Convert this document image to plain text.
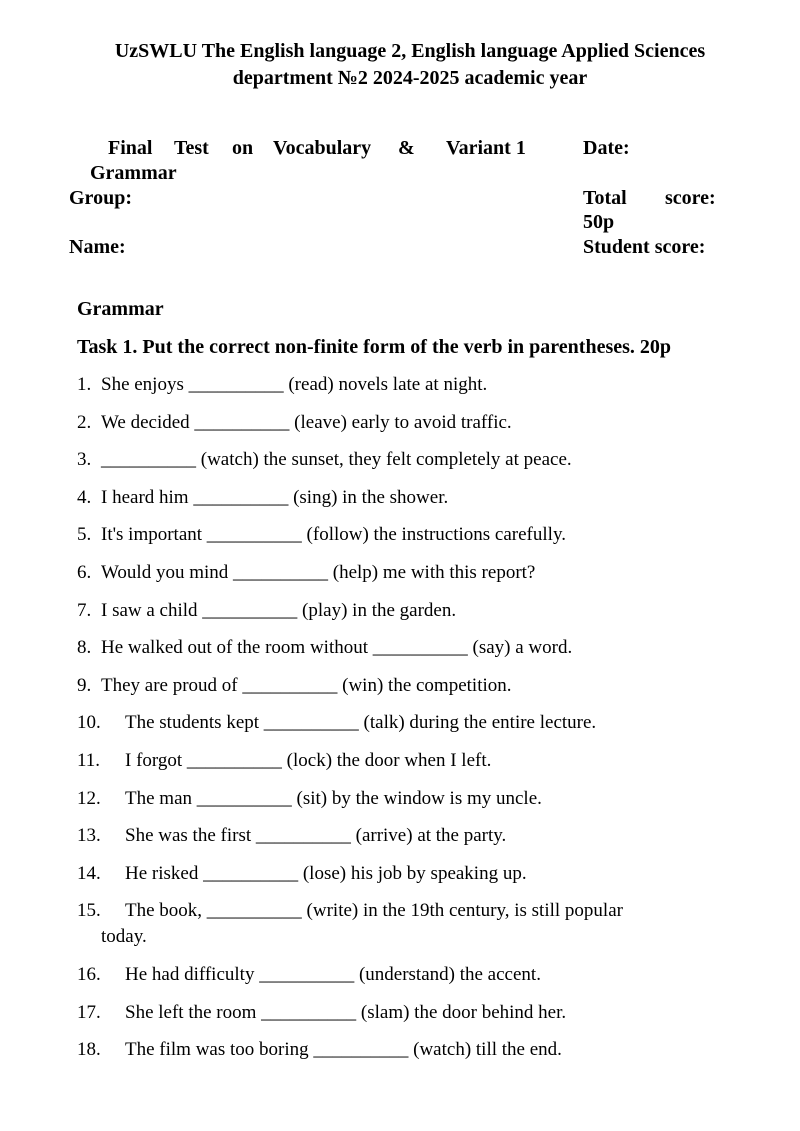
UzSWLU The English language 2, English language Applied Sciences
department №2 2024-2025 academic year
Final Test on Vocabulary &
Grammar
Variant 1	Date:
Group:	Total score:
50p
Name:	Student score:
Grammar
Task 1. Put the correct non-finite form of the verb in parentheses. 20p
1. She enjoys __________ (read) novels late at night.
2. We decided __________ (leave) early to avoid traffic.
3. __________ (watch) the sunset, they felt completely at peace.
4. I heard him __________ (sing) in the shower.
5. It's important __________ (follow) the instructions carefully.
6. Would you mind __________ (help) me with this report?
7. I saw a child __________ (play) in the garden.
8. He walked out of the room without __________ (say) a word.
9. They are proud of __________ (win) the competition.
10. The students kept __________ (talk) during the entire lecture.
11. I forgot __________ (lock) the door when I left.
12. The man __________ (sit) by the window is my uncle.
13. She was the first __________ (arrive) at the party.
14. He risked __________ (lose) his job by speaking up.
15. The book, __________ (write) in the 19th century, is still popular
today.
16. He had difficulty __________ (understand) the accent.
17. She left the room __________ (slam) the door behind her.
18. The film was too boring __________ (watch) till the end.
